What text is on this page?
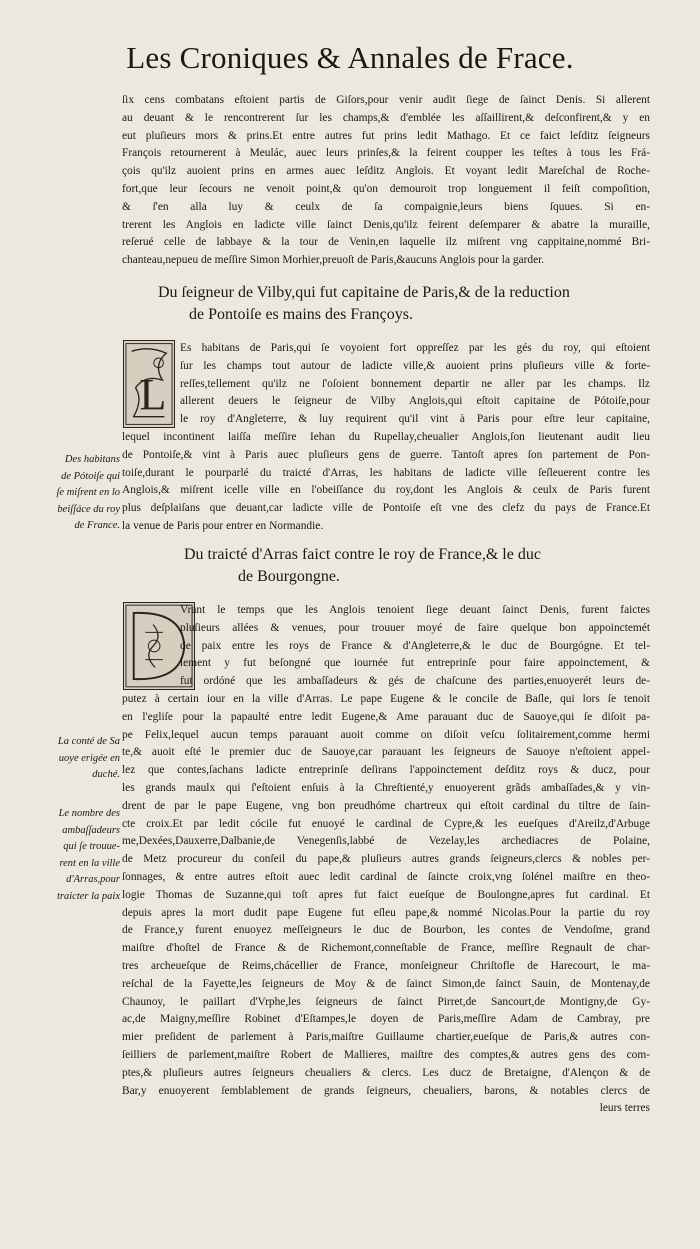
Les Croniques & Annales de Frace.
ſix cens combatans eſtoient partis de Giſors,pour venir audit ſiege de ſainct Denis. Si allerent
au deuant & le rencontrerent ſur les champs,& d'emblée les aſſaillirent,& deſconfirent,& y en
eut pluſieurs mors & prins.Et entre autres fut prins ledit Mathago. Et ce faict leſditz ſeigneurs
François retournerent à Meulác, auec leurs prinſes,& la feirent coupper les teſtes à tous les Frá-
çois qu'ilz auoient prins en armes auec leſditz Anglois. Et voyant ledit Mareſchal de Roche-
fort,que leur ſecours ne venoit point,& qu'on demouroit trop longuement il feiſt compoſition,
& ſ'en alla luy & ceulx de ſa compaignie,leurs biens ſquues. Si en-
trerent les Anglois en ladicte ville ſainct Denis,qu'ilz feirent deſemparer & abatre la muraille,
reſerué celle de labbaye & la tour de Venin,en laquelle ilz miſrent vng cappitaine,nommé Bri-
chanteau,nepueu de meſſire Simon Morhier,preuoſt de Paris,&aucuns Anglois pour la garder.
Du ſeigneur de Vilby,qui fut capitaine de Paris,& de la reduction
de Pontoiſe es mains des Françoys.
L
Es habitans de Paris,qui ſe voyoient fort oppreſſez par les gés du roy, qui eſtoient
ſur les champs tout autour de ladicte ville,& auoient prins pluſieurs ville & forte-
reſſes,tellement qu'ilz ne ſ'oſoient bonnement departir ne aller par les champs. Ilz
allerent deuers le ſeigneur de Vilby Anglois,qui eſtoit capitaine de Pótoiſe,pour
le roy d'Angleterre, & luy requirent qu'il vint à Paris pour eſtre leur capitaine,
lequel incontinent laiſſa meſſire Iehan du Rupellay,cheualier Anglois,ſon lieutenant audit lieu
de Pontoiſe,& vint à Paris auec pluſieurs gens de guerre. Tantoſt apres ſon partement de Pon-
toiſe,durant le pourparlé du traicté d'Arras, les habitans de ladicte ville ſeſleuerent contre les
Anglois,& miſrent icelle ville en l'obeiſſance du roy,dont les Anglois & ceulx de Paris furent
plus deſplaiſans que deuant,car ladicte ville de Pontoiſe eſt vne des clefz du pays de France.Et
la venue de Paris pour entrer en Normandie.
Des habitans
de Pótoiſe qui
ſe miſrent en lo
beiſſáce du roy
de France.
Du traicté d'Arras faict contre le roy de France,& le duc
de Bourgongne.
Vrant le temps que les Anglois tenoient ſiege deuant ſainct Denis, furent faictes
pluſieurs allées & venues, pour trouuer moyé de faire quelque bon appoinctemét
de paix entre les roys de France & d'Angleterre,& le duc de Bourgógne. Et tel-
lement y fut beſongné que iournée fut entreprinſe pour faire appoinctement, &
fut ordóné que les ambaſſadeurs & gés de chaſcune des parties,enuoyerét leurs de-
putez à certain iour en la ville d'Arras. Le pape Eugene & le concile de Baſle, qui lors ſe tenoit
en l'egliſe pour la papaulté entre ledit Eugene,& Ame parauant duc de Sauoye,qui ſe diſoit pa-
pe Felix,lequel aucun temps parauant auoit comme on diſoit veſcu ſolitairement,comme hermi
te,& auoit eſté le premier duc de Sauoye,car parauant les ſeigneurs de Sauoye n'eſtoient appel-
lez que contes,ſachans ladicte entreprinſe deſirans l'appoinctement deſditz roys & ducz, pour
les grands maulx qui ſ'eſtoient enſuis à la Chreſtienté,y enuoyerent grãds ambaſſades,& y vin-
drent de par le pape Eugene, vng bon preudhóme chartreux qui eſtoit cardinal du tiltre de ſain-
cte croix.Et par ledit cócile fut enuoyé le cardinal de Cypre,& les eueſques d'Areilz,d'Arbuge
me,Dexées,Dauxerre,Dalbanie,de Venegenſis,labbé de Vezelay,les archediacres de Polaine,
de Metz procureur du conſeil du pape,& pluſieurs autres grands ſeigneurs,clercs & nobles per-
ſonnages, & entre autres eſtoit auec ledit cardinal de ſaincte croix,vng ſolénel maiſtre en theo-
logie Thomas de Suzanne,qui toſt apres fut faict eueſque de Boulongne,apres fut cardinal. Et
depuis apres la mort dudit pape Eugene fut eſleu pape,& nommé Nicolas.Pour la partie du roy
de France,y furent enuoyez meſſeigneurs le duc de Bourbon, les contes de Vendoſme, grand
maiſtre d'hoſtel de France & de Richemont,conneſtable de France, meſſire Regnault de char-
tres archeueſque de Reims,chácellier de France, monſeigneur Chriſtofle de Harecourt, le ma-
reſchal de la Fayette,les ſeigneurs de Moy & de ſainct Simon,de ſainct Sauin, de Montenay,de
Chaunoy, le paillart d'Vrphe,les ſeigneurs de ſainct Pirret,de Sancourt,de Montigny,de Gy-
ac,de Maigny,meſſire Robinet d'Eſtampes,le doyen de Paris,meſſire Adam de Cambray, pre
mier preſident de parlement à Paris,maiſtre Guillaume chartier,eueſque de Paris,& autres con-
ſeilliers de parlement,maiſtre Robert de Mallieres, maiſtre des comptes,& autres gens des com-
ptes,& pluſieurs autres ſeigneurs cheualiers & clercs. Les ducz de Bretaigne, d'Alençon & de
Bar,y enuoyerent ſemblablement de grands ſeigneurs, cheualiers, barons, & notables clercs de
leurs terres
La conté de Sa
uoye erigée en
duché.
Le nombre des
ambaſſadeurs
qui ſe trouue-
rent en la ville
d'Arras,pour
traicter la paix
